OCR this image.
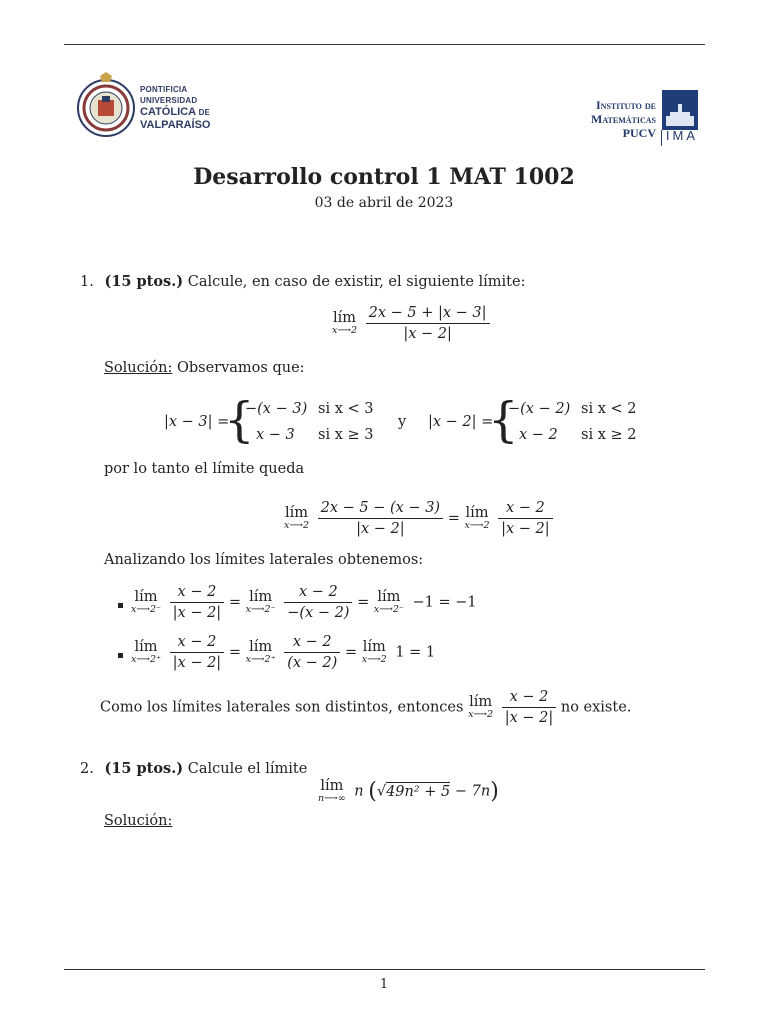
PONTIFICIA
UNIVERSIDAD
CATÓLICA DE
VALPARAÍSO
Instituto de
Matemáticas
PUCV IMA
Desarrollo control 1 MAT 1002
03 de abril de 2023
1. (15 ptos.) Calcule, en caso de existir, el siguiente límite:
lím
x⟶2
$\frac{2x - 5 + |x - 3|}{|x - 2|}$
Solución: Observamos que:
|x − 3| =
{
−(x − 3) si x < 3
x − 3 si x ≥ 3
y |x − 2| =
{
−(x − 2) si x < 2
x − 2 si x ≥ 2
por lo tanto el límite queda
lím
x⟶2
$\frac{2x - 5 - (x - 3)}{|x - 2|}$ = lím
x⟶2
$\frac{x - 2}{|x - 2|}$
Analizando los límites laterales obtenemos:
lím
x⟶2⁻
$\frac{x - 2}{|x - 2|}$ = lím
x⟶2⁻
$\frac{x - 2}{-(x - 2)}$ = lím
x⟶2⁻ −1 = −1
lím
x⟶2⁺
$\frac{x - 2}{|x - 2|}$ = lím
x⟶2⁺
$\frac{x - 2}{(x - 2)}$ = lím
x⟶2 1 = 1
Como los límites laterales son distintos, entonces lím
x⟶2
$\frac{x - 2}{|x - 2|}$ no existe.
2. (15 ptos.) Calcule el límite
lím
n⟶∞ n (√49n² + 5 − 7n)
Solución:
1
